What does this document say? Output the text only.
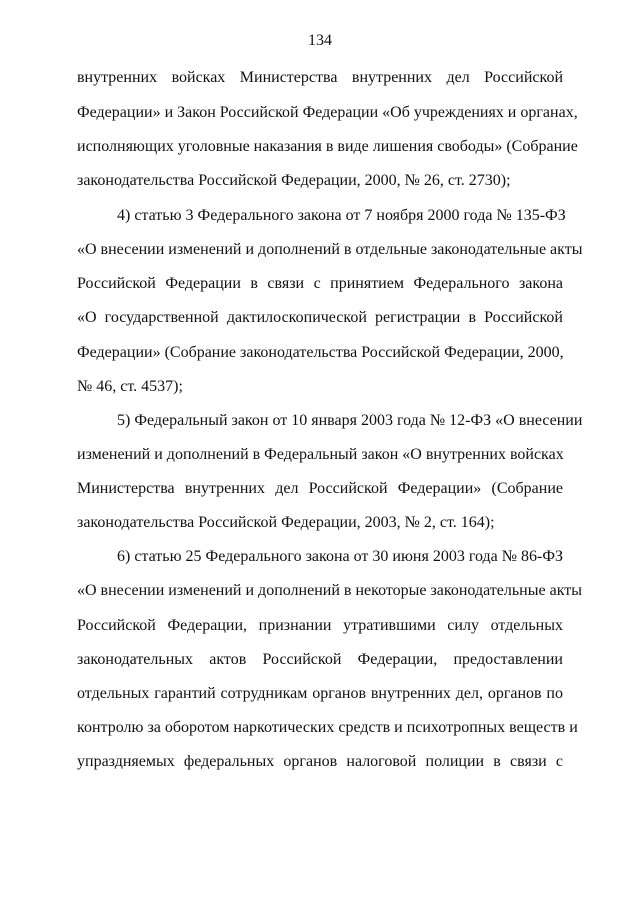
134
внутренних войсках Министерства внутренних дел Российской
Федерации» и Закон Российской Федерации «Об учреждениях и органах,
исполняющих уголовные наказания в виде лишения свободы» (Собрание
законодательства Российской Федерации, 2000, № 26, ст. 2730);
4) статью 3 Федерального закона от 7 ноября 2000 года № 135-ФЗ
«О внесении изменений и дополнений в отдельные законодательные акты
Российской Федерации в связи с принятием Федерального закона
«О государственной дактилоскопической регистрации в Российской
Федерации» (Собрание законодательства Российской Федерации, 2000,
№ 46, ст. 4537);
5) Федеральный закон от 10 января 2003 года № 12-ФЗ «О внесении
изменений и дополнений в Федеральный закон «О внутренних войсках
Министерства внутренних дел Российской Федерации» (Собрание
законодательства Российской Федерации, 2003, № 2, ст. 164);
6) статью 25 Федерального закона от 30 июня 2003 года № 86-ФЗ
«О внесении изменений и дополнений в некоторые законодательные акты
Российской Федерации, признании утратившими силу отдельных
законодательных актов Российской Федерации, предоставлении
отдельных гарантий сотрудникам органов внутренних дел, органов по
контролю за оборотом наркотических средств и психотропных веществ и
упраздняемых федеральных органов налоговой полиции в связи с
